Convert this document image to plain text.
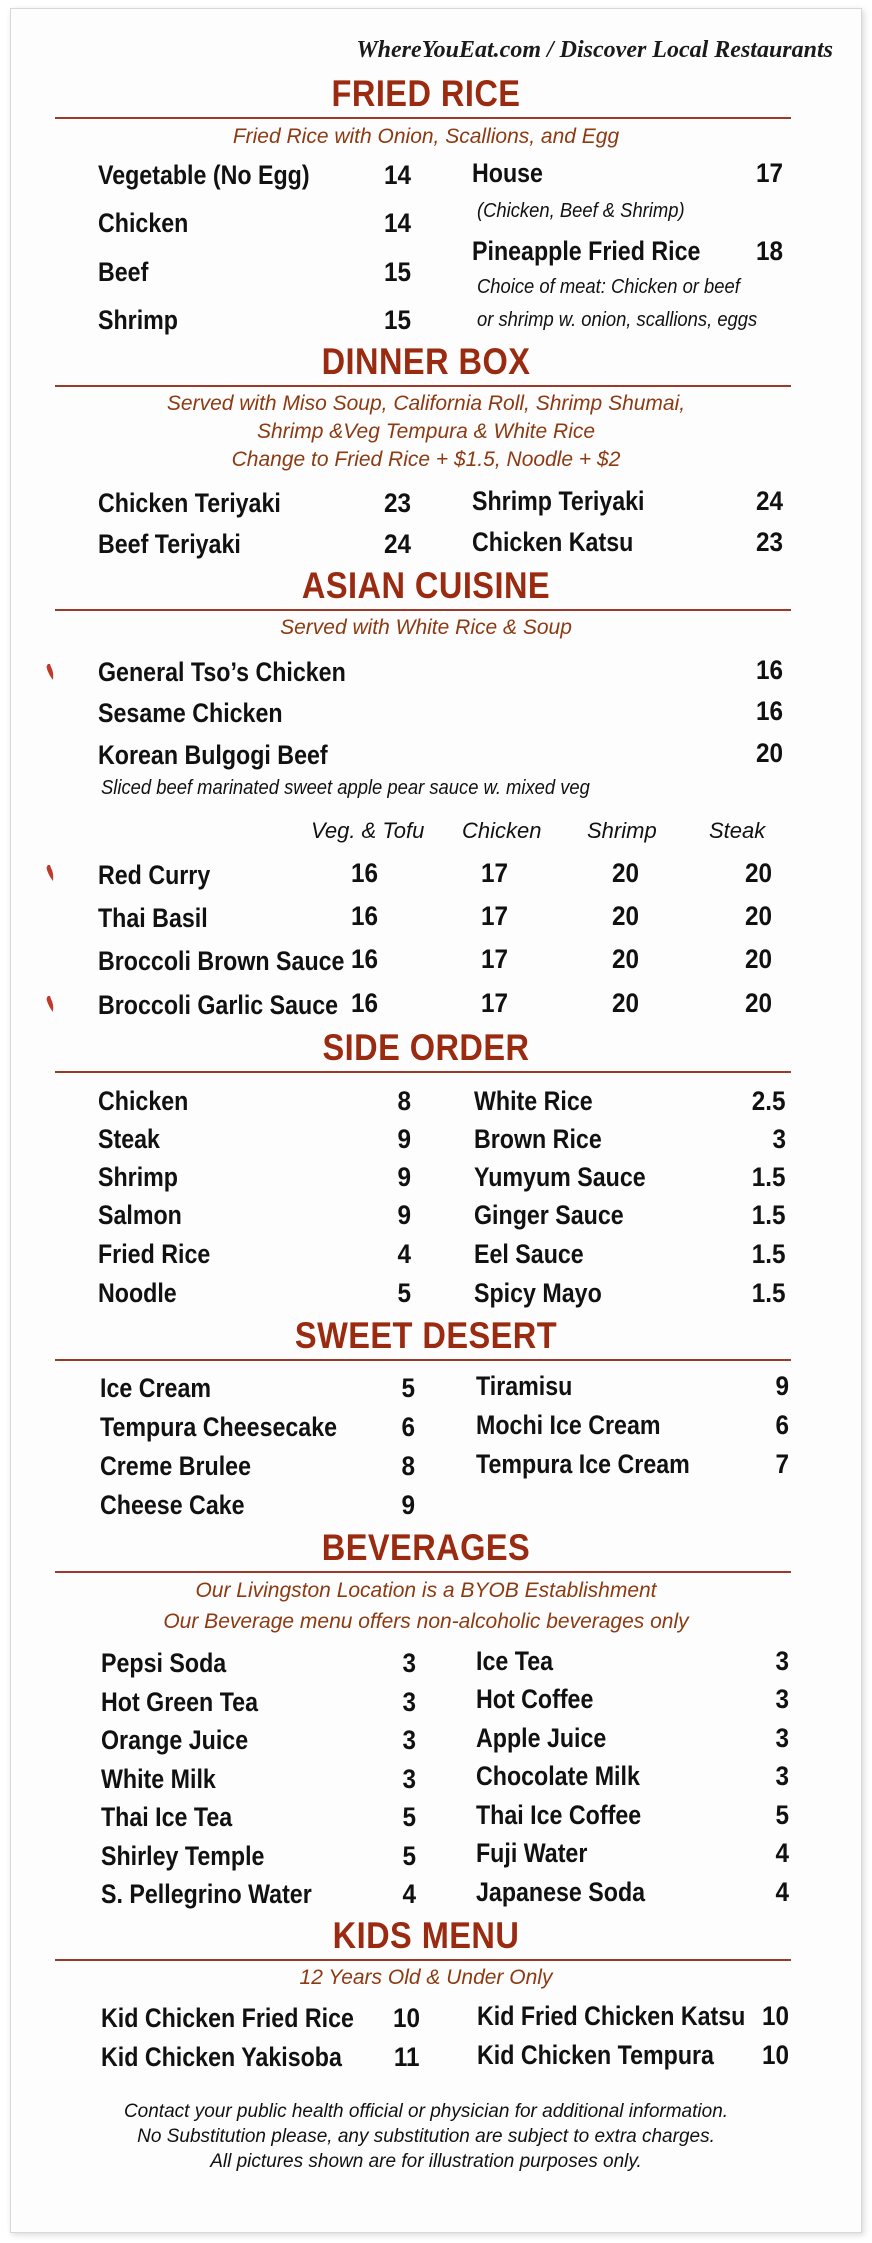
WhereYouEat.com / Discover Local Restaurants
FRIED RICE
Fried Rice with Onion, Scallions, and Egg
Vegetable (No Egg)	14
Chicken	14
Beef	15
Shrimp	15
House	17
(Chicken, Beef & Shrimp)
Pineapple Fried Rice 18
Choice of meat: Chicken or beef
or shrimp w. onion, scallions, eggs
DINNER BOX
Served with Miso Soup, California Roll, Shrimp Shumai,
Shrimp &Veg Tempura & White Rice
Change to Fried Rice + $1.5, Noodle + $2
Chicken Teriyaki	23
Beef Teriyaki	24
Shrimp Teriyaki	24
Chicken Katsu	23
ASIAN CUISINE
Served with White Rice & Soup
General Tso’s Chicken	16
Sesame Chicken	16
Korean Bulgogi Beef	20
Sliced beef marinated sweet apple pear sauce w. mixed veg
Veg. & Tofu Chicken Shrimp Steak
Red Curry	16	17	20	20
Thai Basil	16	17	20	20
Broccoli Brown Sauce 16	17	20	20
Broccoli Garlic Sauce 16	17	20	20
SIDE ORDER
Chicken	8
Steak	9
Shrimp	9
Salmon	9
Fried Rice	4
Noodle	5
White Rice	2.5
Brown Rice	3
Yumyum Sauce	1.5
Ginger Sauce	1.5
Eel Sauce	1.5
Spicy Mayo	1.5
SWEET DESERT
Ice Cream	5
Tempura Cheesecake 6
Creme Brulee	8
Cheese Cake	9
Tiramisu	9
Mochi Ice Cream	6
Tempura Ice Cream	7
BEVERAGES
Our Livingston Location is a BYOB Establishment
Our Beverage menu offers non-alcoholic beverages only
Pepsi Soda	3
Hot Green Tea	3
Orange Juice	3
White Milk	3
Thai Ice Tea	5
Shirley Temple	5
S. Pellegrino Water	4
Ice Tea	3
Hot Coffee	3
Apple Juice	3
Chocolate Milk	3
Thai Ice Coffee	5
Fuji Water	4
Japanese Soda	4
KIDS MENU
12 Years Old & Under Only
Kid Chicken Fried Rice 10
Kid Chicken Yakisoba 11
Kid Fried Chicken Katsu 10
Kid Chicken Tempura 10
Contact your public health official or physician for additional information.
No Substitution please, any substitution are subject to extra charges.
All pictures shown are for illustration purposes only.
